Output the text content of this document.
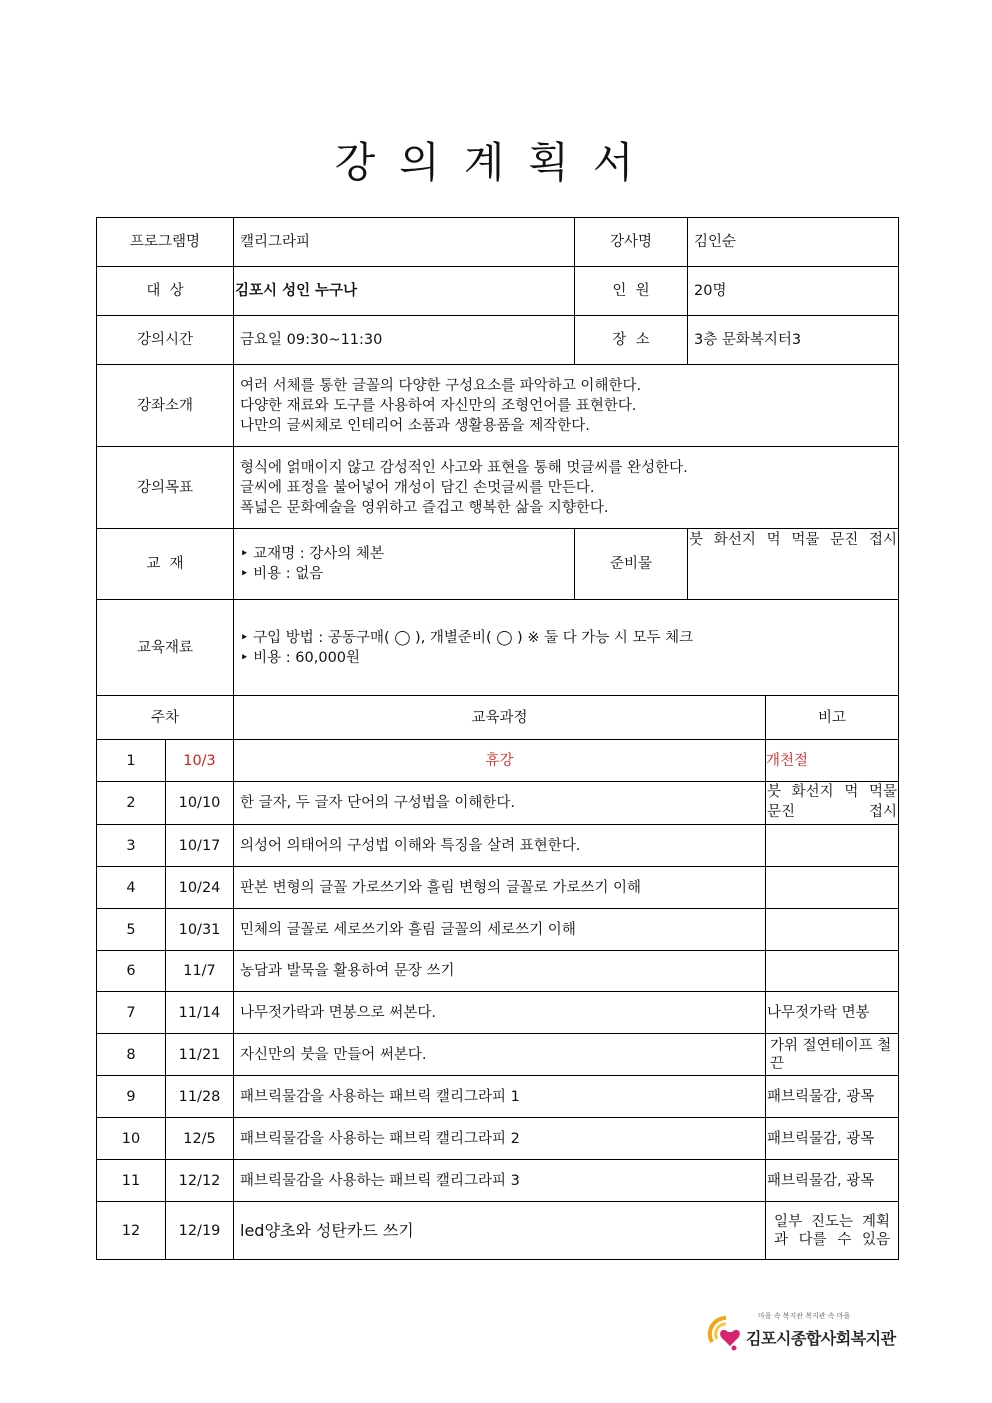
강의계획서
프로그램명		캘리그라피	강사명	김인순	
대  상		김포시 성인 누구나	인  원	20명	
강의시간		금요일 09:30~11:30	장  소	3층 문화복지터3	
강좌소개		여러 서체를 통한 글꼴의 다양한 구성요소를 파악하고 이해한다.
다양한 재료와 도구를 사용하여 자신만의 조형언어를 표현한다.
나만의 글씨체로 인테리어 소품과 생활용품을 제작한다.			

강의목표		형식에 얽매이지 않고 감성적인 사고와 표현을 통해 멋글씨를 완성한다.
글씨에 표정을 불어넣어 개성이 담긴 손멋글씨를 만든다.
폭넓은 문화예술을 영위하고 즐겁고 행복한 삶을 지향한다.			

교  재		‣ 교재명 : 강사의 체본
‣ 비용 : 없음	준비물	붓 화선지 먹 먹물 문진 접시	
교육재료		‣ 구입 방법 : 공동구매( ◯ ), 개별준비( ◯ ) ※ 둘 다 가능 시 모두 체크
‣ 비용 : 60,000원			

주차		교육과정			비고
1	10/3	휴강			개천절
2	10/10	한 글자, 두 글자 단어의 구성법을 이해한다.			붓 화선지 먹 먹물 문진 접시
3	10/17	의성어 의태어의 구성법 이해와 특징을 살려 표현한다.			
4	10/24	판본 변형의 글꼴 가로쓰기와 흘림 변형의 글꼴로 가로쓰기 이해			
5	10/31	민체의 글꼴로 세로쓰기와 흘림 글꼴의 세로쓰기 이해			
6	11/7	농담과 발묵을 활용하여 문장 쓰기			
7	11/14	나무젓가락과 면봉으로 써본다.			나무젓가락 면봉
8	11/21	자신만의 붓을 만들어 써본다.			가위 절연테이프 철끈
9	11/28	패브릭물감을 사용하는 패브릭 캘리그라피 1			패브릭물감, 광목
10	12/5	패브릭물감을 사용하는 패브릭 캘리그라피 2			패브릭물감, 광목
11	12/12	패브릭물감을 사용하는 패브릭 캘리그라피 3			패브릭물감, 광목
12	12/19	led양초와 성탄카드 쓰기			일부 진도는 계획과 다를 수 있음
마을 속 복지관 복지관 속 마을
김포시종합사회복지관
